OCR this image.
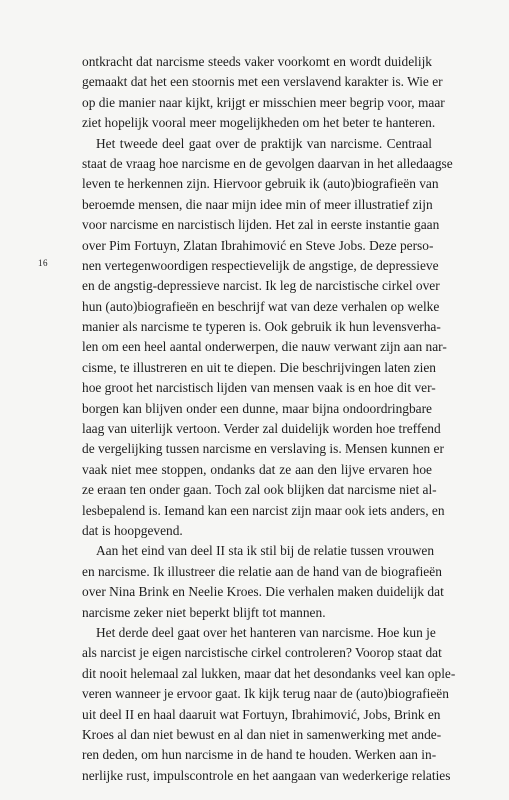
16
ontkracht dat narcisme steeds vaker voorkomt en wordt duidelijk
gemaakt dat het een stoornis met een verslavend karakter is. Wie er
op die manier naar kijkt, krijgt er misschien meer begrip voor, maar
ziet hopelijk vooral meer mogelijkheden om het beter te hanteren.
Het tweede deel gaat over de praktijk van narcisme. Centraal
staat de vraag hoe narcisme en de gevolgen daarvan in het alledaagse
leven te herkennen zijn. Hiervoor gebruik ik (auto)biografieën van
beroemde mensen, die naar mijn idee min of meer illustratief zijn
voor narcisme en narcistisch lijden. Het zal in eerste instantie gaan
over Pim Fortuyn, Zlatan Ibrahimović en Steve Jobs. Deze perso-
nen vertegenwoordigen respectievelijk de angstige, de depressieve
en de angstig-depressieve narcist. Ik leg de narcistische cirkel over
hun (auto)biografieën en beschrijf wat van deze verhalen op welke
manier als narcisme te typeren is. Ook gebruik ik hun levensverha-
len om een heel aantal onderwerpen, die nauw verwant zijn aan nar-
cisme, te illustreren en uit te diepen. Die beschrijvingen laten zien
hoe groot het narcistisch lijden van mensen vaak is en hoe dit ver-
borgen kan blijven onder een dunne, maar bijna ondoordringbare
laag van uiterlijk vertoon. Verder zal duidelijk worden hoe treffend
de vergelijking tussen narcisme en verslaving is. Mensen kunnen er
vaak niet mee stoppen, ondanks dat ze aan den lijve ervaren hoe
ze eraan ten onder gaan. Toch zal ook blijken dat narcisme niet al-
lesbepalend is. Iemand kan een narcist zijn maar ook iets anders, en
dat is hoopgevend.
Aan het eind van deel II sta ik stil bij de relatie tussen vrouwen
en narcisme. Ik illustreer die relatie aan de hand van de biografieën
over Nina Brink en Neelie Kroes. Die verhalen maken duidelijk dat
narcisme zeker niet beperkt blijft tot mannen.
Het derde deel gaat over het hanteren van narcisme. Hoe kun je
als narcist je eigen narcistische cirkel controleren? Voorop staat dat
dit nooit helemaal zal lukken, maar dat het desondanks veel kan ople-
veren wanneer je ervoor gaat. Ik kijk terug naar de (auto)biografieën
uit deel II en haal daaruit wat Fortuyn, Ibrahimović, Jobs, Brink en
Kroes al dan niet bewust en al dan niet in samenwerking met ande-
ren deden, om hun narcisme in de hand te houden. Werken aan in-
nerlijke rust, impulscontrole en het aangaan van wederkerige relaties
